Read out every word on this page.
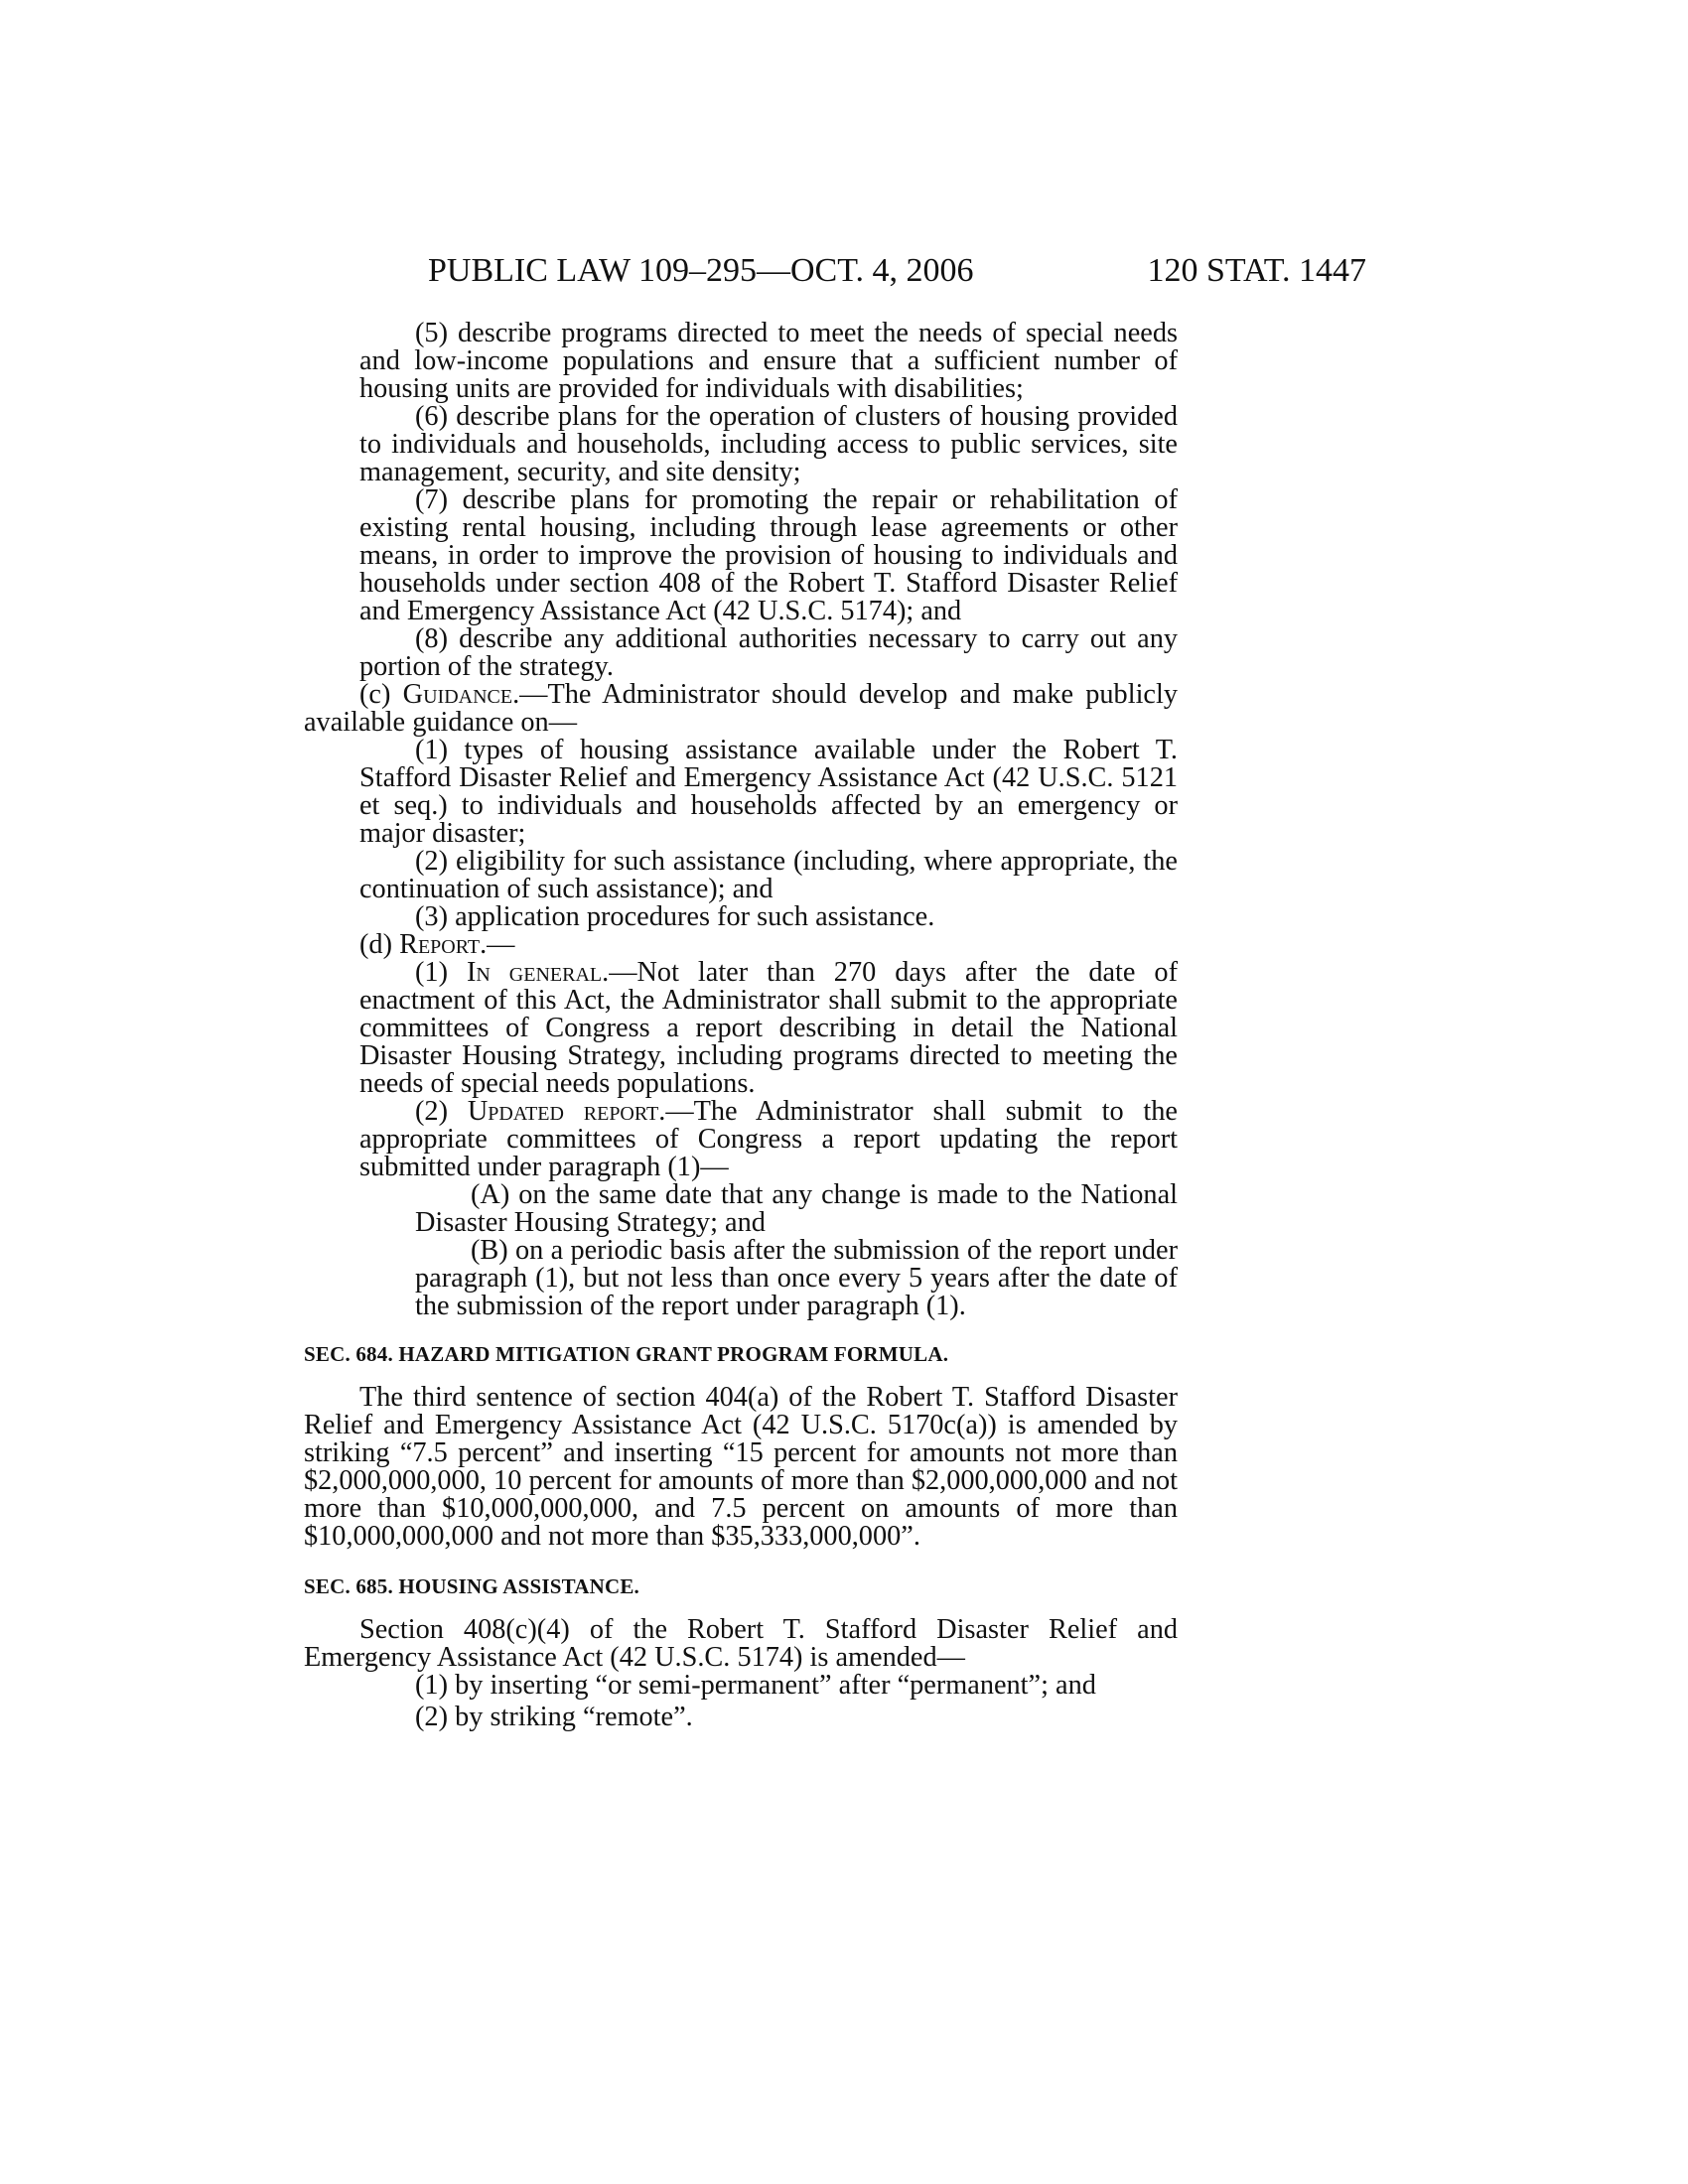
PUBLIC LAW 109–295—OCT. 4, 2006	120 STAT. 1447

(5) describe programs directed to meet the needs of special needs and low-income populations and ensure that a sufficient number of housing units are provided for individuals with disabilities;

(6) describe plans for the operation of clusters of housing provided to individuals and households, including access to public services, site management, security, and site density;

(7) describe plans for promoting the repair or rehabilitation of existing rental housing, including through lease agreements or other means, in order to improve the provision of housing to individuals and households under section 408 of the Robert T. Stafford Disaster Relief and Emergency Assistance Act (42 U.S.C. 5174); and

(8) describe any additional authorities necessary to carry out any portion of the strategy.

(c) Guidance.—The Administrator should develop and make publicly available guidance on—

(1) types of housing assistance available under the Robert T. Stafford Disaster Relief and Emergency Assistance Act (42 U.S.C. 5121 et seq.) to individuals and households affected by an emergency or major disaster;

(2) eligibility for such assistance (including, where appropriate, the continuation of such assistance); and

(3) application procedures for such assistance.

(d) Report.—

(1) In general.—Not later than 270 days after the date of enactment of this Act, the Administrator shall submit to the appropriate committees of Congress a report describing in detail the National Disaster Housing Strategy, including programs directed to meeting the needs of special needs populations.

(2) Updated report.—The Administrator shall submit to the appropriate committees of Congress a report updating the report submitted under paragraph (1)—

(A) on the same date that any change is made to the National Disaster Housing Strategy; and

(B) on a periodic basis after the submission of the report under paragraph (1), but not less than once every 5 years after the date of the submission of the report under paragraph (1).

SEC. 684. HAZARD MITIGATION GRANT PROGRAM FORMULA.

The third sentence of section 404(a) of the Robert T. Stafford Disaster Relief and Emergency Assistance Act (42 U.S.C. 5170c(a)) is amended by striking “7.5 percent” and inserting “15 percent for amounts not more than $2,000,000,000, 10 percent for amounts of more than $2,000,000,000 and not more than $10,000,000,000, and 7.5 percent on amounts of more than $10,000,000,000 and not more than $35,333,000,000”.

SEC. 685. HOUSING ASSISTANCE.

Section 408(c)(4) of the Robert T. Stafford Disaster Relief and Emergency Assistance Act (42 U.S.C. 5174) is amended—

(1) by inserting “or semi-permanent” after “permanent”; and

(2) by striking “remote”.
